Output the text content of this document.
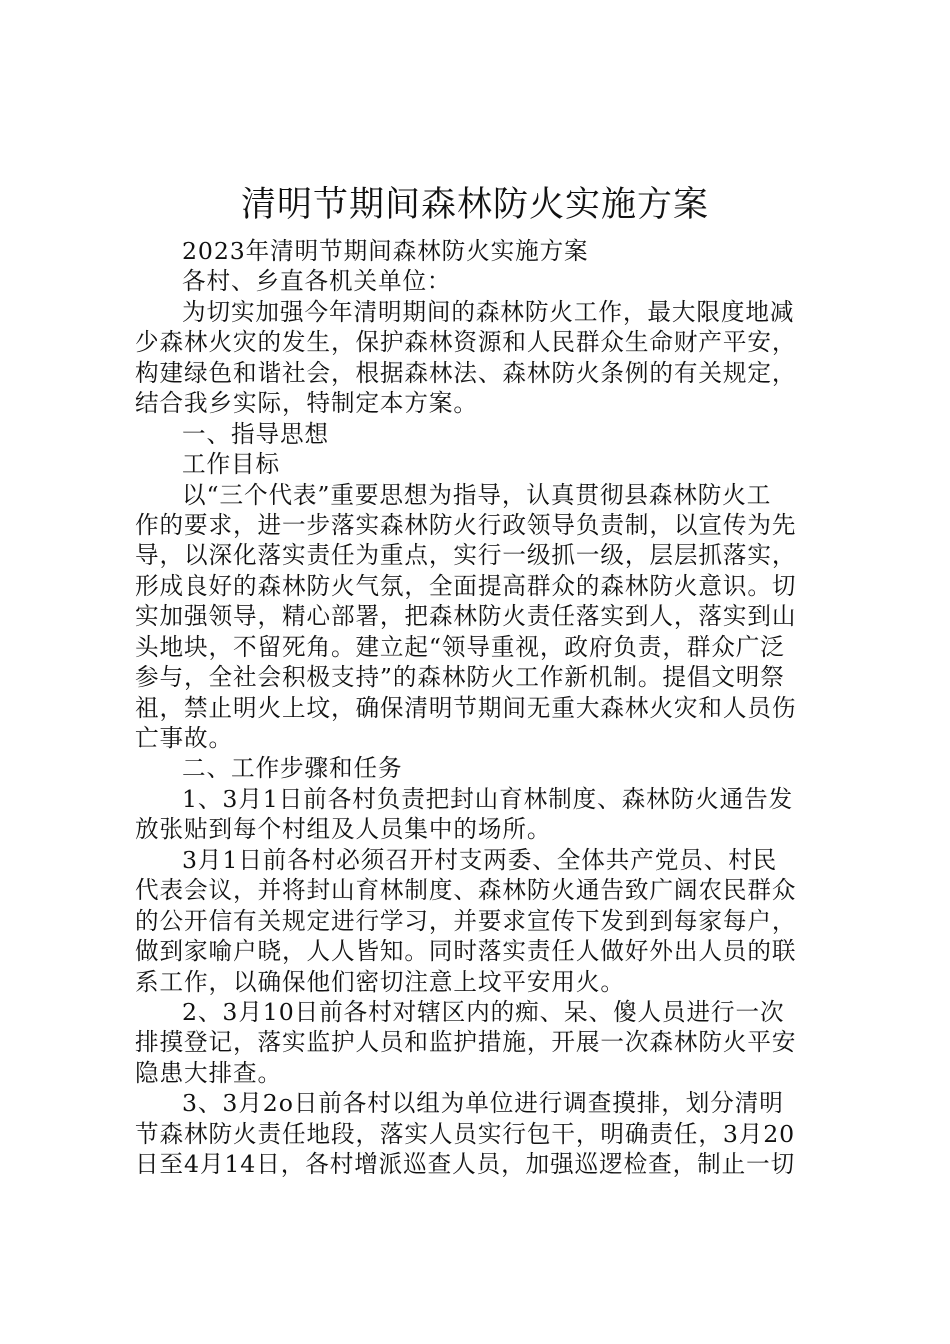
清明节期间森林防火实施方案
2023年清明节期间森林防火实施方案
各村、乡直各机关单位：
为切实加强今年清明期间的森林防火工作，最大限度地减
少森林火灾的发生，保护森林资源和人民群众生命财产平安，
构建绿色和谐社会，根据森林法、森林防火条例的有关规定，
结合我乡实际，特制定本方案。
一、指导思想
工作目标
以“三个代表”重要思想为指导，认真贯彻县森林防火工
作的要求，进一步落实森林防火行政领导负责制，以宣传为先
导，以深化落实责任为重点，实行一级抓一级，层层抓落实，
形成良好的森林防火气氛，全面提高群众的森林防火意识。切
实加强领导，精心部署，把森林防火责任落实到人，落实到山
头地块，不留死角。建立起“领导重视，政府负责，群众广泛
参与，全社会积极支持”的森林防火工作新机制。提倡文明祭
祖，禁止明火上坟，确保清明节期间无重大森林火灾和人员伤
亡事故。
二、工作步骤和任务
1、3月1日前各村负责把封山育林制度、森林防火通告发
放张贴到每个村组及人员集中的场所。
3月1日前各村必须召开村支两委、全体共产党员、村民
代表会议，并将封山育林制度、森林防火通告致广阔农民群众
的公开信有关规定进行学习，并要求宣传下发到到每家每户，
做到家喻户晓，人人皆知。同时落实责任人做好外出人员的联
系工作，以确保他们密切注意上坟平安用火。
2、3月10日前各村对辖区内的痴、呆、傻人员进行一次
排摸登记，落实监护人员和监护措施，开展一次森林防火平安
隐患大排查。
3、3月2o日前各村以组为单位进行调查摸排，划分清明
节森林防火责任地段，落实人员实行包干，明确责任，3月20
日至4月14日，各村增派巡查人员，加强巡逻检查，制止一切
